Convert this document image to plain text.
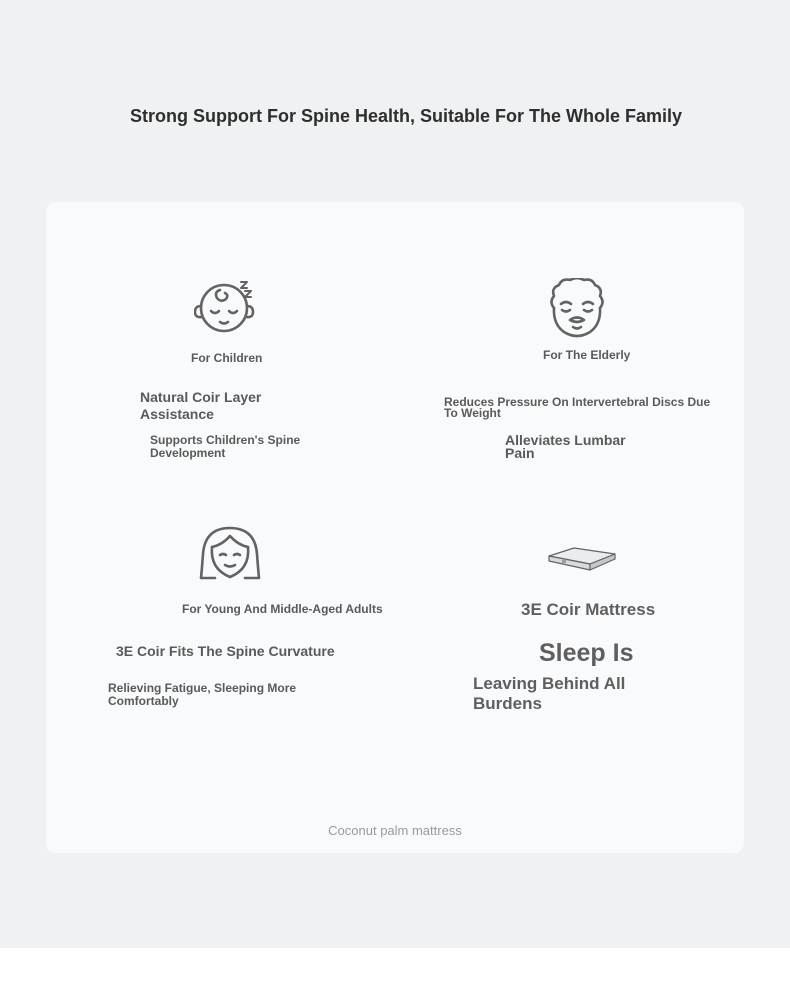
Strong Support For Spine Health, Suitable For The Whole Family

For Children

Natural Coir Layer Assistance

Supports Children's Spine Development

For The Elderly

Reduces Pressure On Intervertebral Discs Due To Weight

Alleviates Lumbar Pain

For Young And Middle-Aged Adults

3E Coir Fits The Spine Curvature

Relieving Fatigue, Sleeping More Comfortably

3E Coir Mattress

Sleep Is

Leaving Behind All Burdens

Coconut palm mattress
